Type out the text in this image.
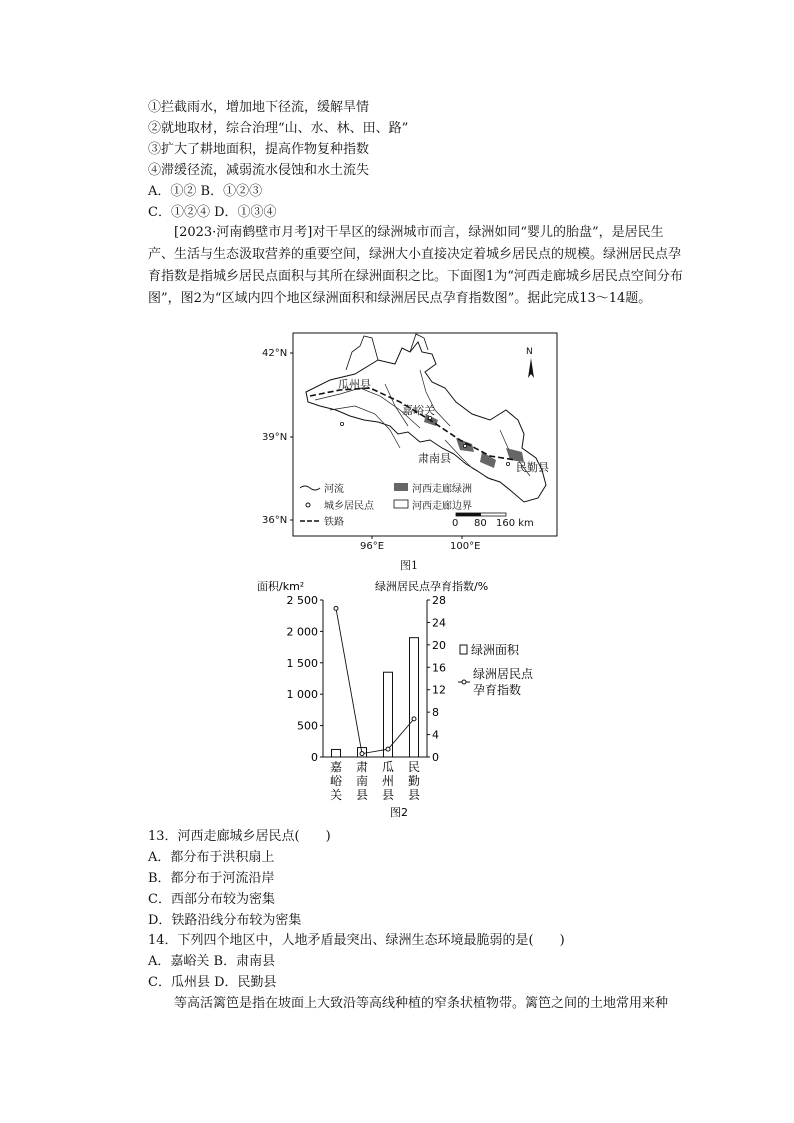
①拦截雨水，增加地下径流，缓解旱情
②就地取材，综合治理“山、水、林、田、路”
③扩大了耕地面积，提高作物复种指数
④滞缓径流，减弱流水侵蚀和水土流失
A．①② B．①②③
C．①②④ D．①③④
[2023·河南鹤壁市月考]对干旱区的绿洲城市而言，绿洲如同“婴儿的胎盘”，是居民生产、生活与生态汲取营养的重要空间，绿洲大小直接决定着城乡居民点的规模。绿洲居民点孕育指数是指城乡居民点面积与其所在绿洲面积之比。下面图1为“河西走廊城乡居民点空间分布图”，图2为“区域内四个地区绿洲面积和绿洲居民点孕育指数图”。据此完成13～14题。
42°N
39°N
36°N
96°E	100°E
瓜州县
嘉峪关
肃南县
民勤县
N
河流
城乡居民点
铁路
河西走廊绿洲
河西走廊边界
0 80 160 km
图1
面积/km²	绿洲居民点孕育指数/%
0
500
1 000
1 500
2 000
2 500
0
4
8
12
16
20
24
28
嘉
峪
关
肃
南
县
瓜
州
县
民
勤
县
绿洲面积
绿洲居民点
孕育指数
图2
13．河西走廊城乡居民点(　　)
A．都分布于洪积扇上
B．都分布于河流沿岸
C．西部分布较为密集
D．铁路沿线分布较为密集
14．下列四个地区中，人地矛盾最突出、绿洲生态环境最脆弱的是(　　)
A．嘉峪关 B．肃南县
C．瓜州县 D．民勤县
等高活篱笆是指在坡面上大致沿等高线种植的窄条状植物带。篱笆之间的土地常用来种
